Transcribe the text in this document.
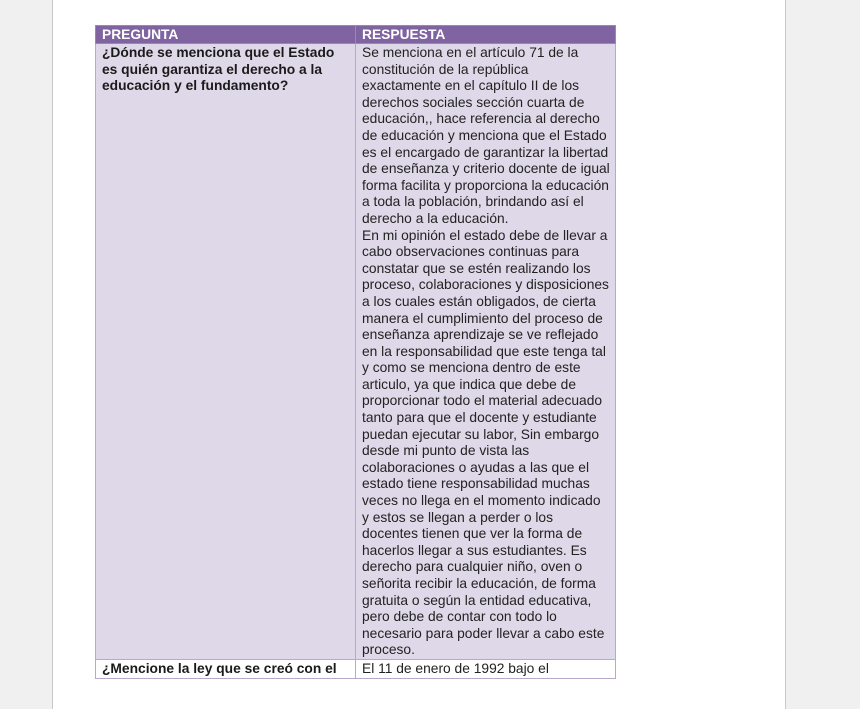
PREGUNTA	RESPUESTA
¿Dónde se menciona que el Estado es quién garantiza el derecho a la educación y el fundamento?	Se menciona en el artículo 71 de la constitución de la república exactamente en el capítulo II de los derechos sociales sección cuarta de educación,, hace referencia al derecho de educación y menciona que el Estado es el encargado de garantizar la libertad de enseñanza y criterio docente de igual forma facilita y proporciona la educación a toda la población, brindando así el derecho a la educación.

En mi opinión el estado debe de llevar a cabo observaciones continuas para constatar que se estén realizando los proceso, colaboraciones y disposiciones a los cuales están obligados, de cierta manera el cumplimiento del proceso de enseñanza aprendizaje se ve reflejado en la responsabilidad que este tenga tal y como se menciona dentro de este articulo, ya que indica que debe de proporcionar todo el material adecuado tanto para que el docente y estudiante puedan ejecutar su labor, Sin embargo desde mi punto de vista las colaboraciones o ayudas a las que el estado tiene responsabilidad muchas veces no llega en el momento indicado y estos se llegan a perder o los docentes tienen que ver la forma de hacerlos llegar a sus estudiantes. Es derecho para cualquier niño, oven o señorita recibir la educación, de forma gratuita o según la entidad educativa, pero debe de contar con todo lo necesario para poder llevar a cabo este proceso.

¿Mencione la ley que se creó con el	El 11 de enero de 1992 bajo el
